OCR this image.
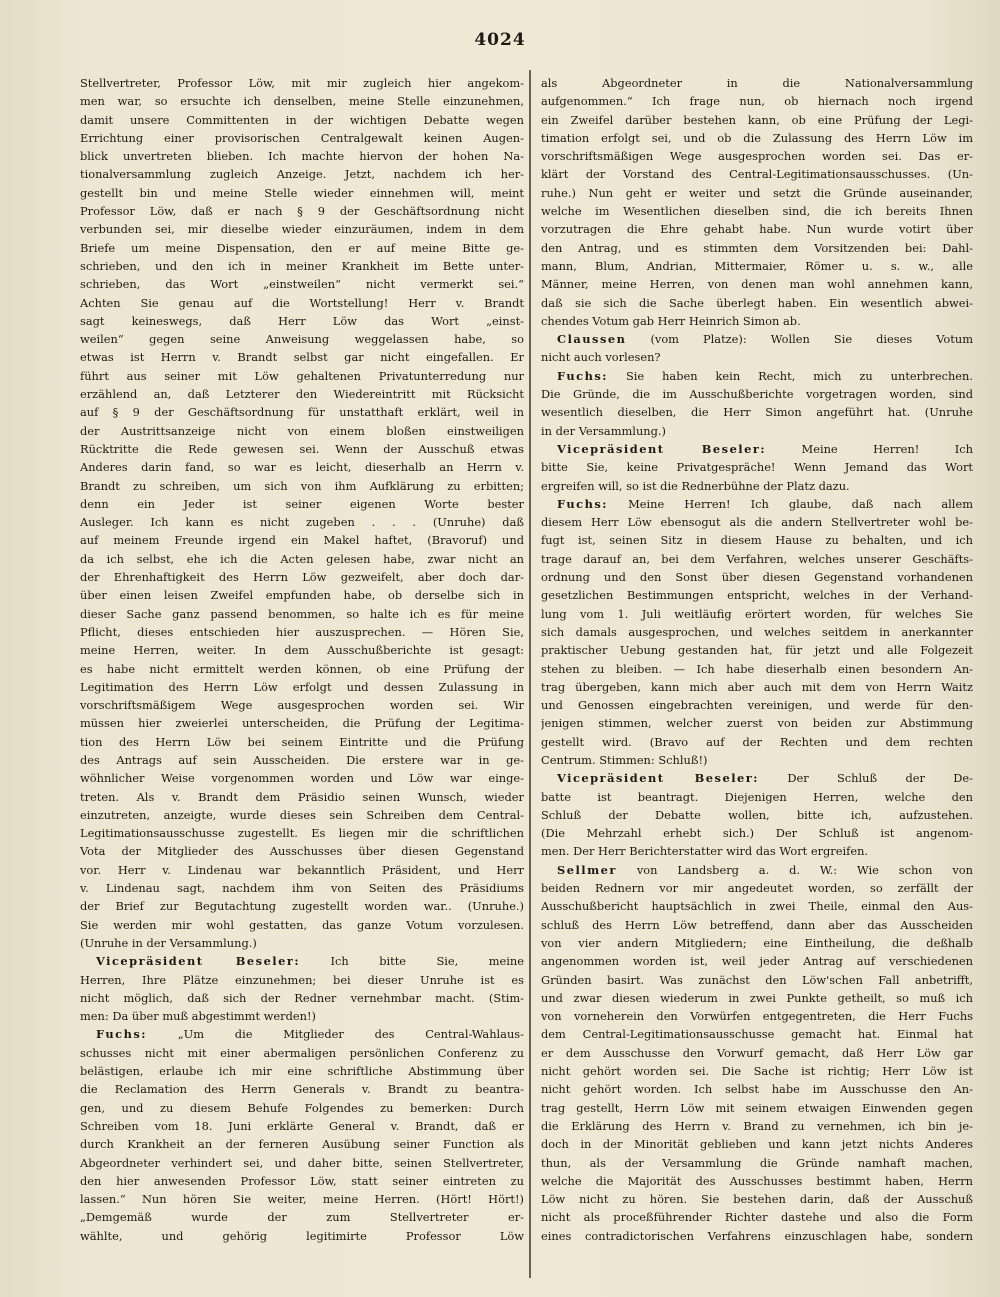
4024
Stellvertreter, Professor Löw, mit mir zugleich hier angekom-
men war, so ersuchte ich denselben, meine Stelle einzunehmen,
damit unsere Committenten in der wichtigen Debatte wegen
Errichtung einer provisorischen Centralgewalt keinen Augen-
blick unvertreten blieben. Ich machte hiervon der hohen Na-
tionalversammlung zugleich Anzeige. Jetzt, nachdem ich her-
gestellt bin und meine Stelle wieder einnehmen will, meint
Professor Löw, daß er nach § 9 der Geschäftsordnung nicht
verbunden sei, mir dieselbe wieder einzuräumen, indem in dem
Briefe um meine Dispensation, den er auf meine Bitte ge-
schrieben, und den ich in meiner Krankheit im Bette unter-
schrieben, das Wort „einstweilen“ nicht vermerkt sei.“
Achten Sie genau auf die Wortstellung! Herr v. Brandt
sagt keineswegs, daß Herr Löw das Wort „einst-
weilen“ gegen seine Anweisung weggelassen habe, so
etwas ist Herrn v. Brandt selbst gar nicht eingefallen. Er
führt aus seiner mit Löw gehaltenen Privatunterredung nur
erzählend an, daß Letzterer den Wiedereintritt mit Rücksicht
auf § 9 der Geschäftsordnung für unstatthaft erklärt, weil in
der Austrittsanzeige nicht von einem bloßen einstweiligen
Rücktritte die Rede gewesen sei. Wenn der Ausschuß etwas
Anderes darin fand, so war es leicht, dieserhalb an Herrn v.
Brandt zu schreiben, um sich von ihm Aufklärung zu erbitten;
denn ein Jeder ist seiner eigenen Worte bester
Ausleger. Ich kann es nicht zugeben . . . (Unruhe) daß
auf meinem Freunde irgend ein Makel haftet, (Bravoruf) und
da ich selbst, ehe ich die Acten gelesen habe, zwar nicht an
der Ehrenhaftigkeit des Herrn Löw gezweifelt, aber doch dar-
über einen leisen Zweifel empfunden habe, ob derselbe sich in
dieser Sache ganz passend benommen, so halte ich es für meine
Pflicht, dieses entschieden hier auszusprechen. — Hören Sie,
meine Herren, weiter. In dem Ausschußberichte ist gesagt:
es habe nicht ermittelt werden können, ob eine Prüfung der
Legitimation des Herrn Löw erfolgt und dessen Zulassung in
vorschriftsmäßigem Wege ausgesprochen worden sei. Wir
müssen hier zweierlei unterscheiden, die Prüfung der Legitima-
tion des Herrn Löw bei seinem Eintritte und die Prüfung
des Antrags auf sein Ausscheiden. Die erstere war in ge-
wöhnlicher Weise vorgenommen worden und Löw war einge-
treten. Als v. Brandt dem Präsidio seinen Wunsch, wieder
einzutreten, anzeigte, wurde dieses sein Schreiben dem Central-
Legitimationsausschusse zugestellt. Es liegen mir die schriftlichen
Vota der Mitglieder des Ausschusses über diesen Gegenstand
vor. Herr v. Lindenau war bekanntlich Präsident, und Herr
v. Lindenau sagt, nachdem ihm von Seiten des Präsidiums
der Brief zur Begutachtung zugestellt worden war.. (Unruhe.)
Sie werden mir wohl gestatten, das ganze Votum vorzulesen.
(Unruhe in der Versammlung.)
Vicepräsident Beseler: Ich bitte Sie, meine
Herren, Ihre Plätze einzunehmen; bei dieser Unruhe ist es
nicht möglich, daß sich der Redner vernehmbar macht. (Stim-
men: Da über muß abgestimmt werden!)
Fuchs: „Um die Mitglieder des Central-Wahlaus-
schusses nicht mit einer abermaligen persönlichen Conferenz zu
belästigen, erlaube ich mir eine schriftliche Abstimmung über
die Reclamation des Herrn Generals v. Brandt zu beantra-
gen, und zu diesem Behufe Folgendes zu bemerken: Durch
Schreiben vom 18. Juni erklärte General v. Brandt, daß er
durch Krankheit an der ferneren Ausübung seiner Function als
Abgeordneter verhindert sei, und daher bitte, seinen Stellvertreter,
den hier anwesenden Professor Löw, statt seiner eintreten zu
lassen.“ Nun hören Sie weiter, meine Herren. (Hört! Hört!)
„Demgemäß wurde der zum Stellvertreter er-
wählte, und gehörig legitimirte Professor Löw
als Abgeordneter in die Nationalversammlung
aufgenommen.“ Ich frage nun, ob hiernach noch irgend
ein Zweifel darüber bestehen kann, ob eine Prüfung der Legi-
timation erfolgt sei, und ob die Zulassung des Herrn Löw im
vorschriftsmäßigen Wege ausgesprochen worden sei. Das er-
klärt der Vorstand des Central-Legitimationsausschusses. (Un-
ruhe.) Nun geht er weiter und setzt die Gründe auseinander,
welche im Wesentlichen dieselben sind, die ich bereits Ihnen
vorzutragen die Ehre gehabt habe. Nun wurde votirt über
den Antrag, und es stimmten dem Vorsitzenden bei: Dahl-
mann, Blum, Andrian, Mittermaier, Römer u. s. w., alle
Männer, meine Herren, von denen man wohl annehmen kann,
daß sie sich die Sache überlegt haben. Ein wesentlich abwei-
chendes Votum gab Herr Heinrich Simon ab.
Claussen (vom Platze): Wollen Sie dieses Votum
nicht auch vorlesen?
Fuchs: Sie haben kein Recht, mich zu unterbrechen.
Die Gründe, die im Ausschußberichte vorgetragen worden, sind
wesentlich dieselben, die Herr Simon angeführt hat. (Unruhe
in der Versammlung.)
Vicepräsident Beseler: Meine Herren! Ich
bitte Sie, keine Privatgespräche! Wenn Jemand das Wort
ergreifen will, so ist die Rednerbühne der Platz dazu.
Fuchs: Meine Herren! Ich glaube, daß nach allem
diesem Herr Löw ebensogut als die andern Stellvertreter wohl be-
fugt ist, seinen Sitz in diesem Hause zu behalten, und ich
trage darauf an, bei dem Verfahren, welches unserer Geschäfts-
ordnung und den Sonst über diesen Gegenstand vorhandenen
gesetzlichen Bestimmungen entspricht, welches in der Verhand-
lung vom 1. Juli weitläufig erörtert worden, für welches Sie
sich damals ausgesprochen, und welches seitdem in anerkannter
praktischer Uebung gestanden hat, für jetzt und alle Folgezeit
stehen zu bleiben. — Ich habe dieserhalb einen besondern An-
trag übergeben, kann mich aber auch mit dem von Herrn Waitz
und Genossen eingebrachten vereinigen, und werde für den-
jenigen stimmen, welcher zuerst von beiden zur Abstimmung
gestellt wird. (Bravo auf der Rechten und dem rechten
Centrum. Stimmen: Schluß!)
Vicepräsident Beseler: Der Schluß der De-
batte ist beantragt. Diejenigen Herren, welche den
Schluß der Debatte wollen, bitte ich, aufzustehen.
(Die Mehrzahl erhebt sich.) Der Schluß ist angenom-
men. Der Herr Berichterstatter wird das Wort ergreifen.
Sellmer von Landsberg a. d. W.: Wie schon von
beiden Rednern vor mir angedeutet worden, so zerfällt der
Ausschußbericht hauptsächlich in zwei Theile, einmal den Aus-
schluß des Herrn Löw betreffend, dann aber das Ausscheiden
von vier andern Mitgliedern; eine Eintheilung, die deßhalb
angenommen worden ist, weil jeder Antrag auf verschiedenen
Gründen basirt. Was zunächst den Löw'schen Fall anbetrifft,
und zwar diesen wiederum in zwei Punkte getheilt, so muß ich
von vorneherein den Vorwürfen entgegentreten, die Herr Fuchs
dem Central-Legitimationsausschusse gemacht hat. Einmal hat
er dem Ausschusse den Vorwurf gemacht, daß Herr Löw gar
nicht gehört worden sei. Die Sache ist richtig; Herr Löw ist
nicht gehört worden. Ich selbst habe im Ausschusse den An-
trag gestellt, Herrn Löw mit seinem etwaigen Einwenden gegen
die Erklärung des Herrn v. Brand zu vernehmen, ich bin je-
doch in der Minorität geblieben und kann jetzt nichts Anderes
thun, als der Versammlung die Gründe namhaft machen,
welche die Majorität des Ausschusses bestimmt haben, Herrn
Löw nicht zu hören. Sie bestehen darin, daß der Ausschuß
nicht als proceßführender Richter dastehe und also die Form
eines contradictorischen Verfahrens einzuschlagen habe, sondern
